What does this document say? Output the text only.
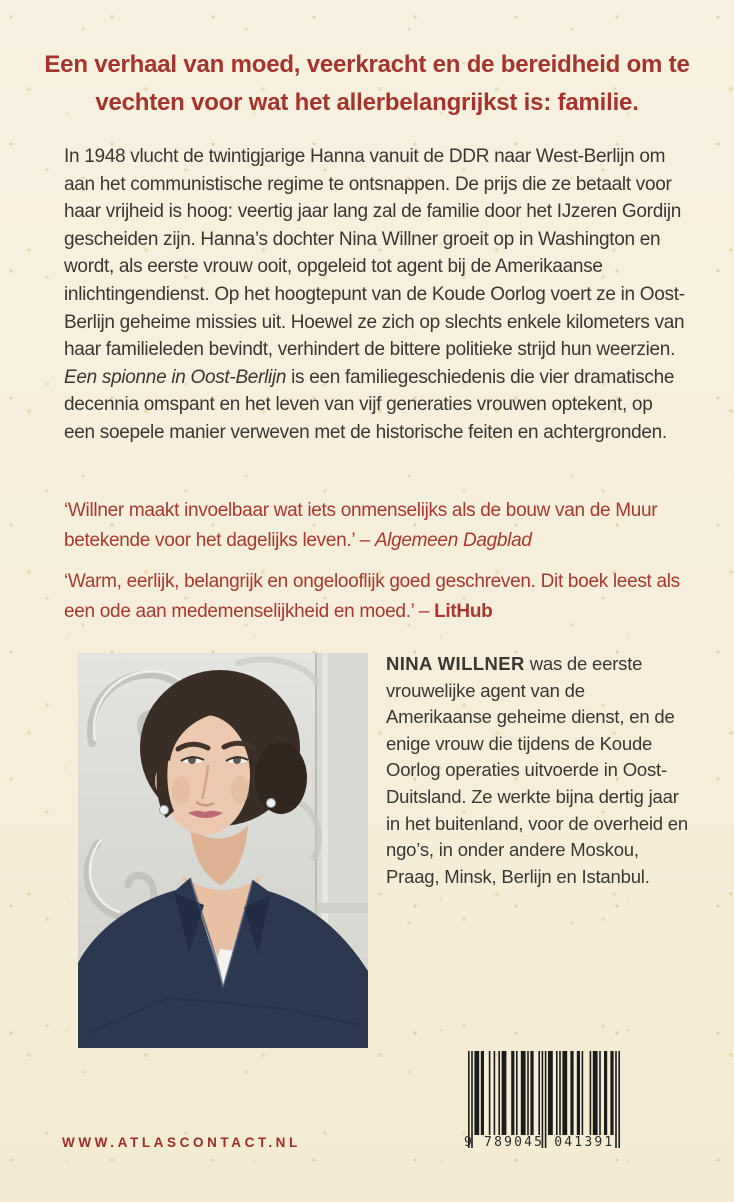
Een verhaal van moed, veerkracht en de bereidheid om te vechten voor wat het allerbelangrijkst is: familie.

In 1948 vlucht de twintigjarige Hanna vanuit de DDR naar West-Berlijn om aan het communistische regime te ontsnappen. De prijs die ze betaalt voor haar vrijheid is hoog: veertig jaar lang zal de familie door het IJzeren Gordijn gescheiden zijn. Hanna’s dochter Nina Willner groeit op in Washington en wordt, als eerste vrouw ooit, opgeleid tot agent bij de Amerikaanse inlichtingendienst. Op het hoogtepunt van de Koude Oorlog voert ze in Oost-Berlijn geheime missies uit. Hoewel ze zich op slechts enkele kilometers van haar familieleden bevindt, verhindert de bittere politieke strijd hun weerzien. Een spionne in Oost-Berlijn is een familiegeschiedenis die vier dramatische decennia omspant en het leven van vijf generaties vrouwen optekent, op een soepele manier verweven met de historische feiten en achtergronden.

‘Willner maakt invoelbaar wat iets onmenselijks als de bouw van de Muur betekende voor het dagelijks leven.’ – Algemeen Dagblad

‘Warm, eerlijk, belangrijk en ongelooflijk goed geschreven. Dit boek leest als een ode aan medemenselijkheid en moed.’ – LitHub

NINA WILLNER was de eerste vrouwelijke agent van de Amerikaanse geheime dienst, en de enige vrouw die tijdens de Koude Oorlog operaties uitvoerde in Oost-Duitsland. Ze werkte bijna dertig jaar in het buitenland, voor de overheid en ngo’s, in onder andere Moskou, Praag, Minsk, Berlijn en Istanbul.

WWW.ATLASCONTACT.NL	9 789045 041391
